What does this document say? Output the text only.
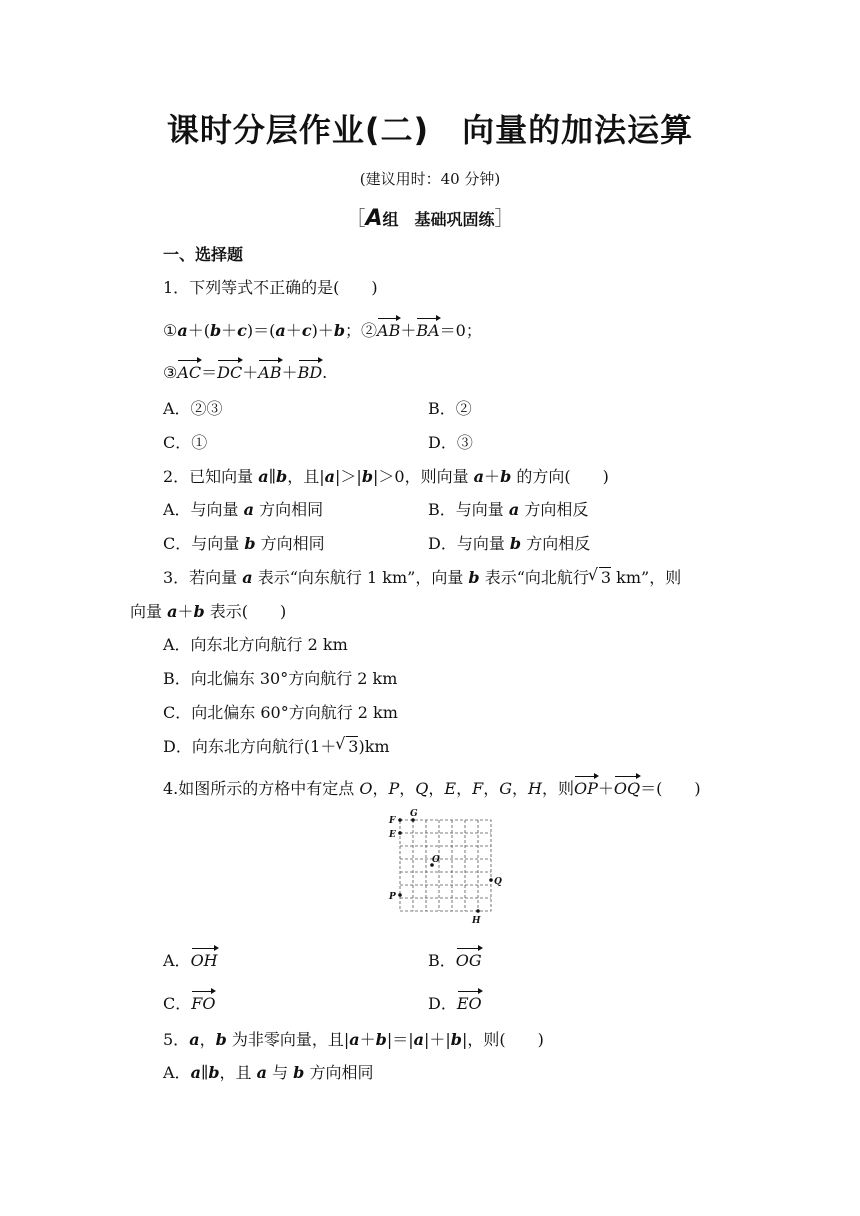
课时分层作业(二)　向量的加法运算
(建议用时：40 分钟)
［A组　基础巩固练］
一、选择题
1．下列等式不正确的是(　　)
①a＋(b＋c)＝(a＋c)＋b；②AB＋BA＝0；
③AC＝DC＋AB＋BD.
A．②③	B．②
C．①	D．③
2．已知向量 a∥b，且|a|＞|b|＞0，则向量 a＋b 的方向(　　)
A．与向量 a 方向相同	B．与向量 a 方向相反
C．与向量 b 方向相同	D．与向量 b 方向相反
3．若向量 a 表示“向东航行 1 km”，向量 b 表示“向北航行 √ 3 km”，则
向量 a＋b 表示(　　)
A．向东北方向航行 2 km
B．向北偏东 30°方向航行 2 km
C．向北偏东 60°方向航行 2 km
D．向东北方向航行(1＋ √ 3)km
4.如图所示的方格中有定点 O，P，Q，E，F，G，H，则OP＋OQ＝(　　)
G
F
E
O
Q
P
H
A．OH	B．OG
C．FO	D．EO
5．a，b 为非零向量，且|a＋b|＝|a|＋|b|，则(　　)
A．a∥b，且 a 与 b 方向相同
